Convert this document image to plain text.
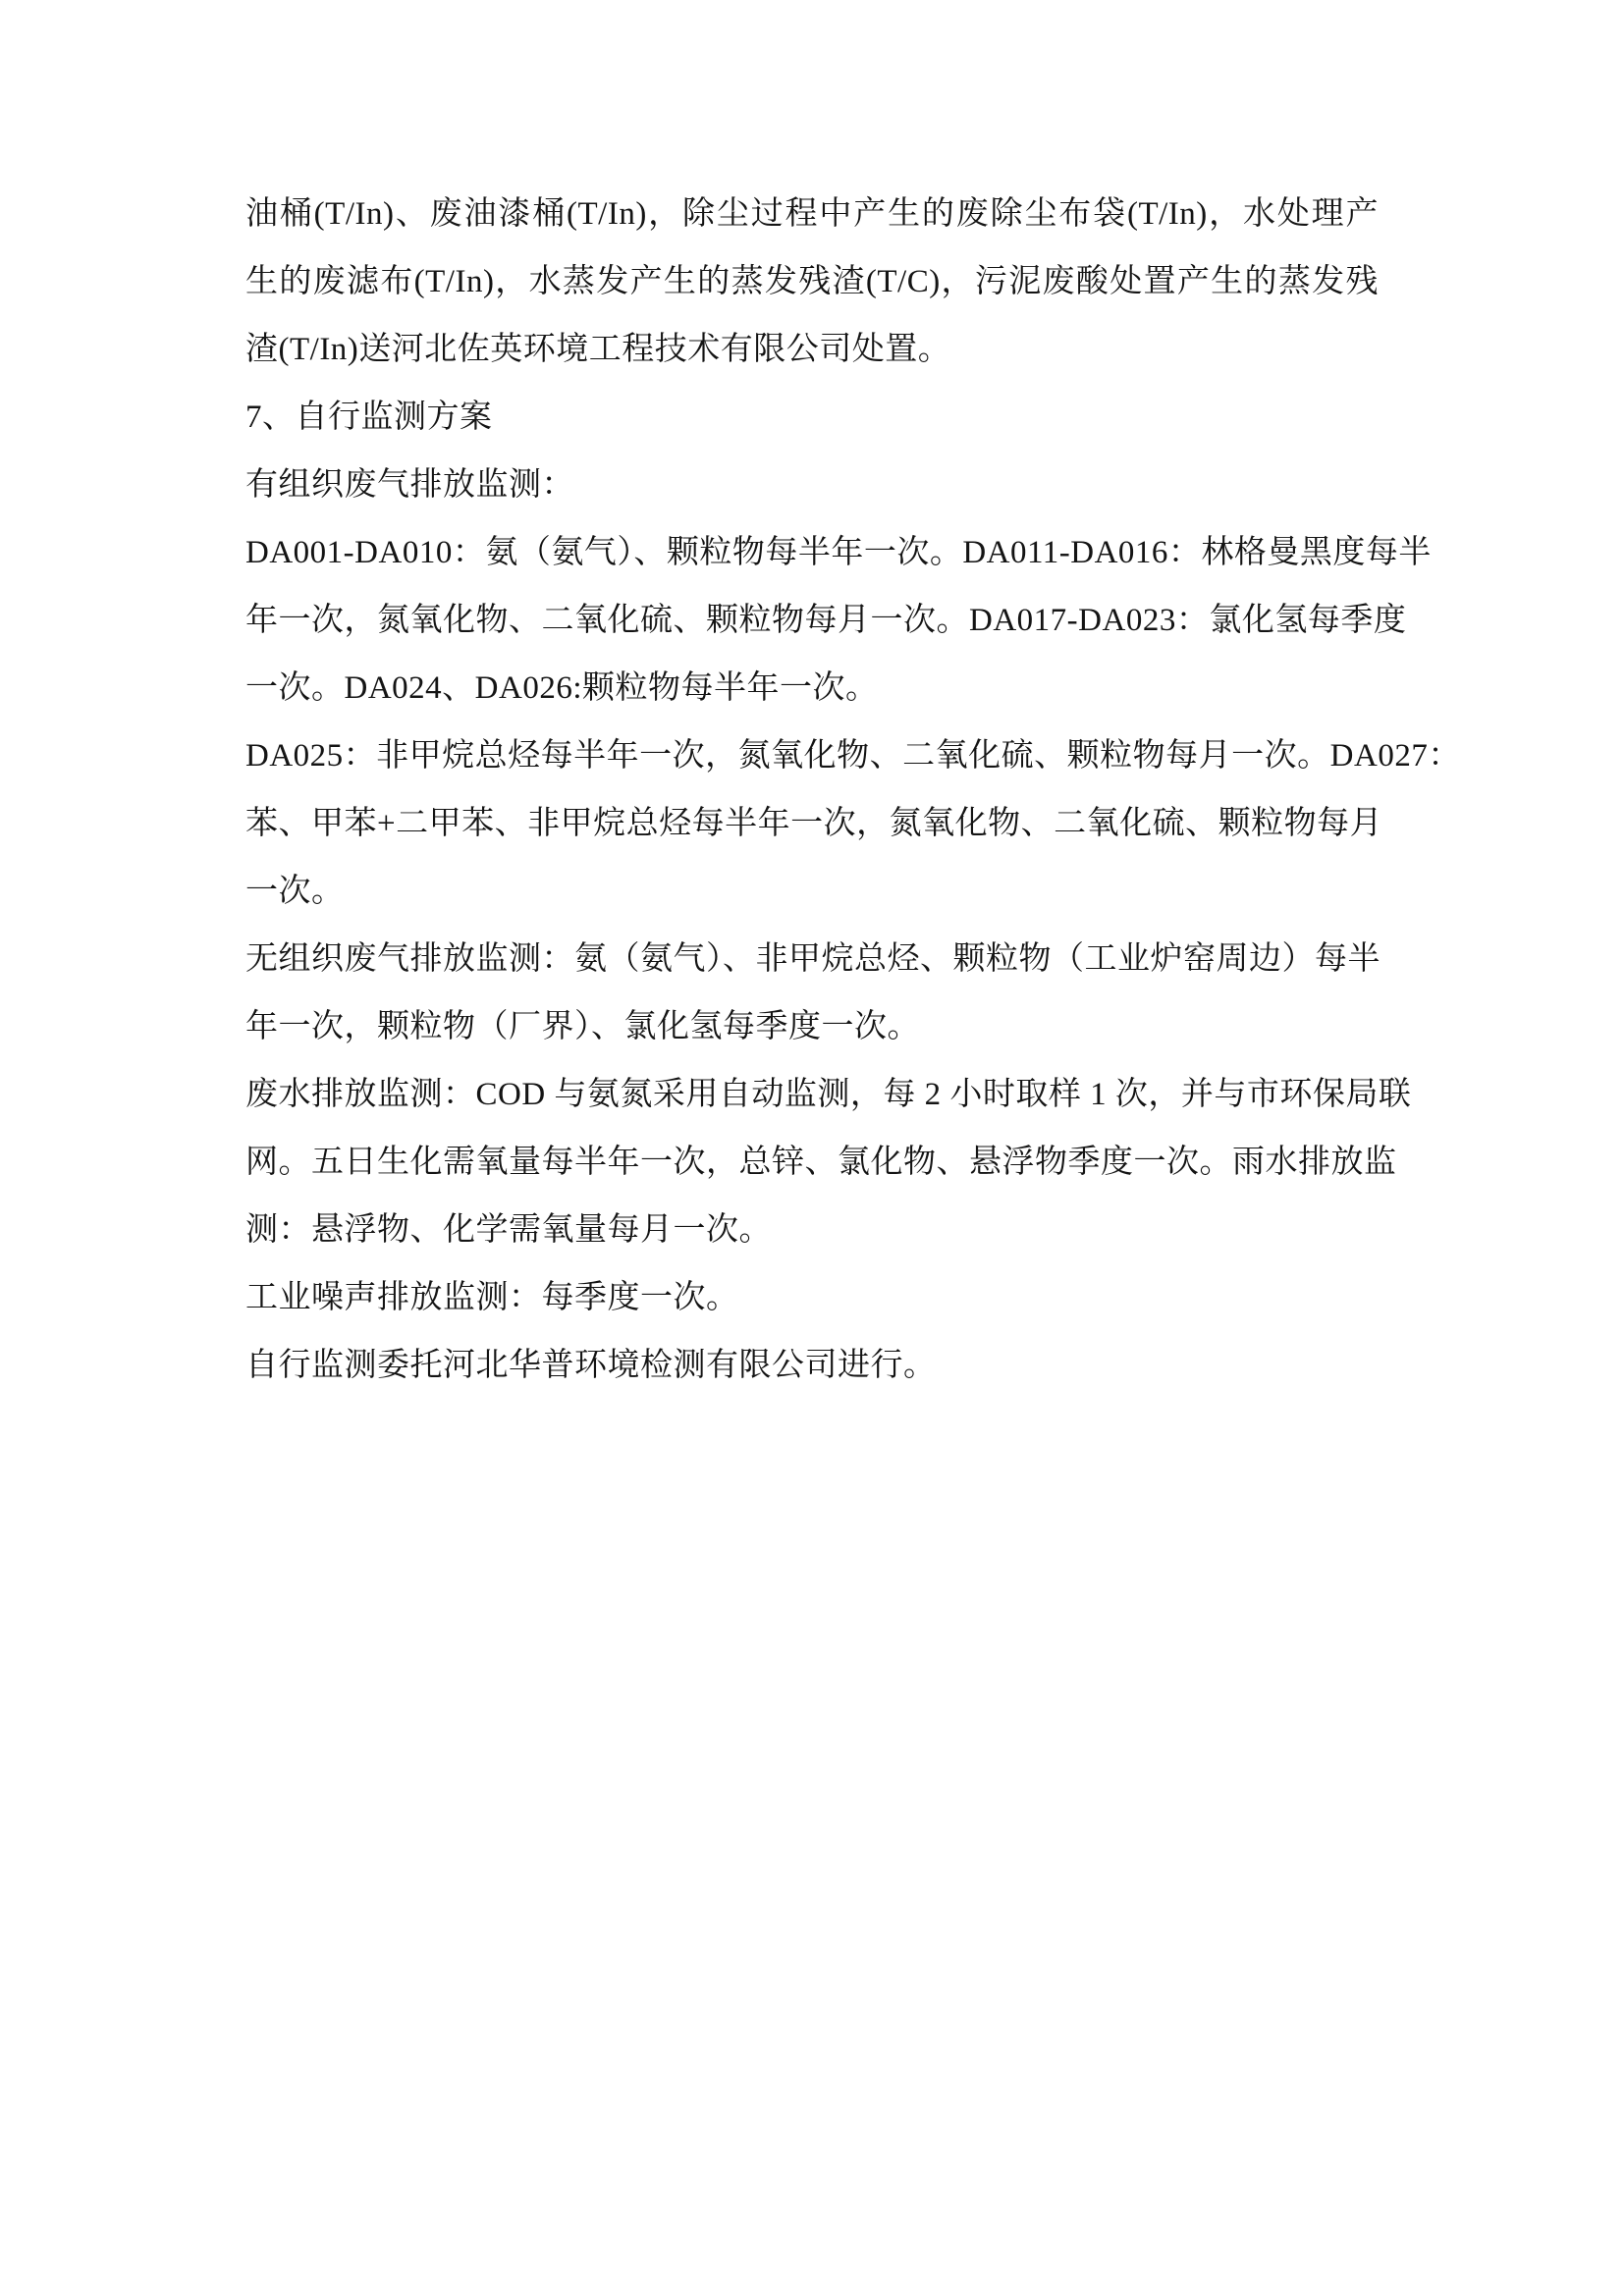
油桶(T/In)、废油漆桶(T/In)，除尘过程中产生的废除尘布袋(T/In)，水处理产
生的废滤布(T/In)，水蒸发产生的蒸发残渣(T/C)，污泥废酸处置产生的蒸发残
渣(T/In)送河北佐英环境工程技术有限公司处置。
7、自行监测方案
有组织废气排放监测：
DA001-DA010：氨（氨气）、颗粒物每半年一次。DA011-DA016：林格曼黑度每半
年一次，氮氧化物、二氧化硫、颗粒物每月一次。DA017-DA023：氯化氢每季度
一次。DA024、DA026:颗粒物每半年一次。
DA025：非甲烷总烃每半年一次，氮氧化物、二氧化硫、颗粒物每月一次。DA027：
苯、甲苯+二甲苯、非甲烷总烃每半年一次，氮氧化物、二氧化硫、颗粒物每月
一次。
无组织废气排放监测：氨（氨气）、非甲烷总烃、颗粒物（工业炉窑周边）每半
年一次，颗粒物（厂界）、氯化氢每季度一次。
废水排放监测：COD 与氨氮采用自动监测，每 2 小时取样 1 次，并与市环保局联
网。五日生化需氧量每半年一次，总锌、氯化物、悬浮物季度一次。雨水排放监
测：悬浮物、化学需氧量每月一次。
工业噪声排放监测：每季度一次。
自行监测委托河北华普环境检测有限公司进行。
